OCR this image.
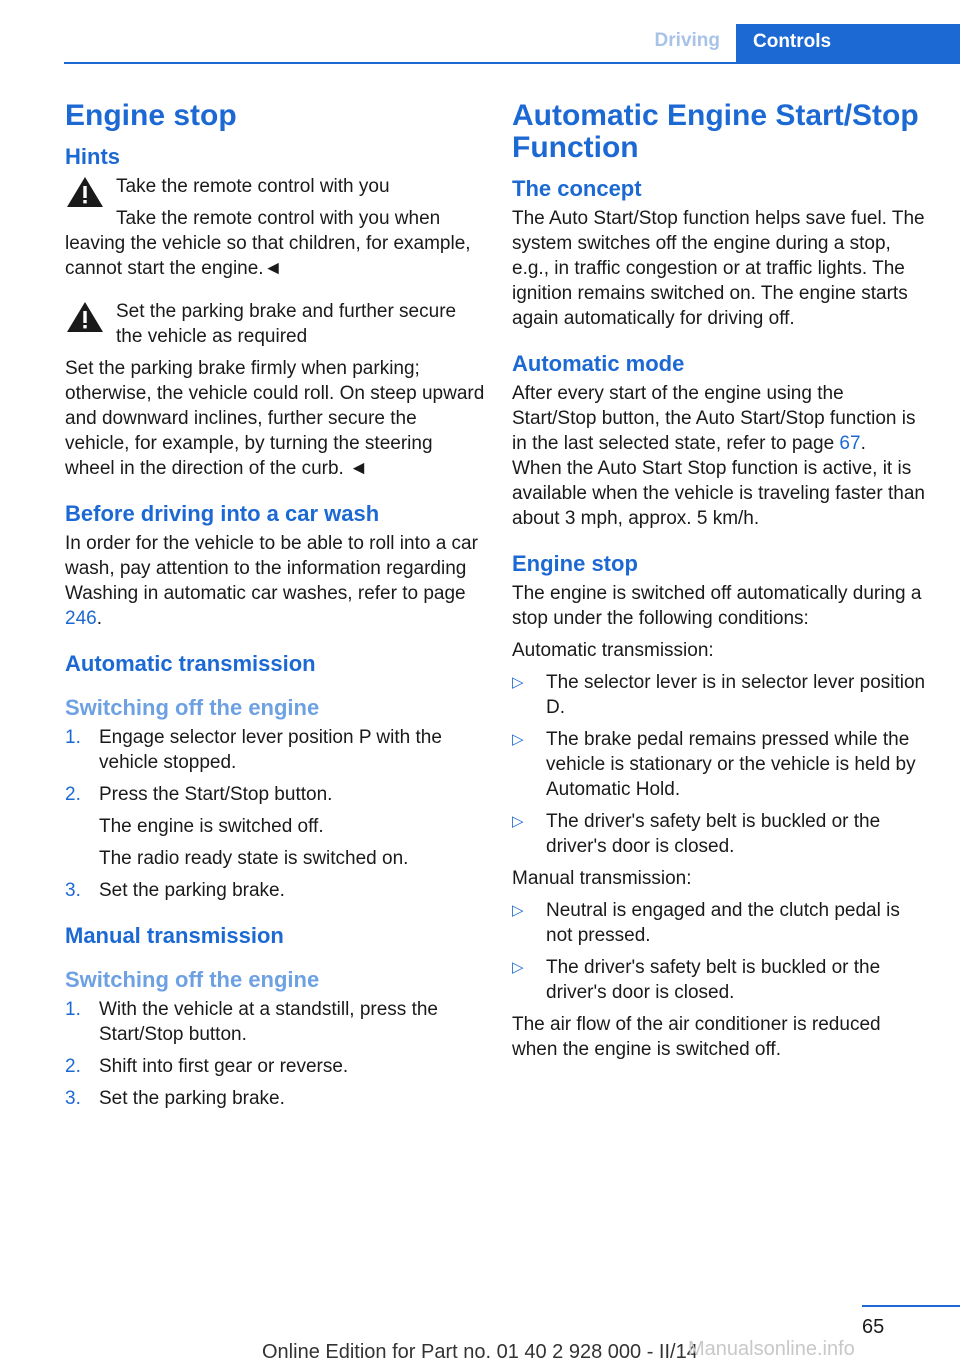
Driving	Controls
Engine stop
Hints
Take the remote control with you

Take the remote control with you when leaving the vehicle so that children, for example, cannot start the engine.◄

Set the parking brake and further secure the vehicle as required

Set the parking brake firmly when parking; otherwise, the vehicle could roll. On steep upward and downward inclines, further secure the vehicle, for example, by turning the steering wheel in the direction of the curb. ◄

Before driving into a car wash

In order for the vehicle to be able to roll into a car wash, pay attention to the information regarding Washing in automatic car washes, refer to page 246.

Automatic transmission
Switching off the engine
1. Engage selector lever position P with the vehicle stopped.
2. Press the Start/Stop button.
The engine is switched off.
The radio ready state is switched on.
3. Set the parking brake.
Manual transmission
Switching off the engine
1. With the vehicle at a standstill, press the Start/Stop button.
2. Shift into first gear or reverse.
3. Set the parking brake.
Automatic Engine Start/Stop Function
The concept

The Auto Start/Stop function helps save fuel. The system switches off the engine during a stop, e.g., in traffic congestion or at traffic lights. The ignition remains switched on. The engine starts again automatically for driving off.

Automatic mode

After every start of the engine using the Start/Stop button, the Auto Start/Stop function is in the last selected state, refer to page 67.

When the Auto Start Stop function is active, it is available when the vehicle is traveling faster than about 3 mph, approx. 5 km/h.

Engine stop

The engine is switched off automatically during a stop under the following conditions:

Automatic transmission:

▷ The selector lever is in selector lever position D.
▷ The brake pedal remains pressed while the vehicle is stationary or the vehicle is held by Automatic Hold.
▷ The driver's safety belt is buckled or the driver's door is closed.

Manual transmission:

▷ Neutral is engaged and the clutch pedal is not pressed.
▷ The driver's safety belt is buckled or the driver's door is closed.

The air flow of the air conditioner is reduced when the engine is switched off.

65
Online Edition for Part no. 01 40 2 928 000 - II/14
Manualsonline.info
